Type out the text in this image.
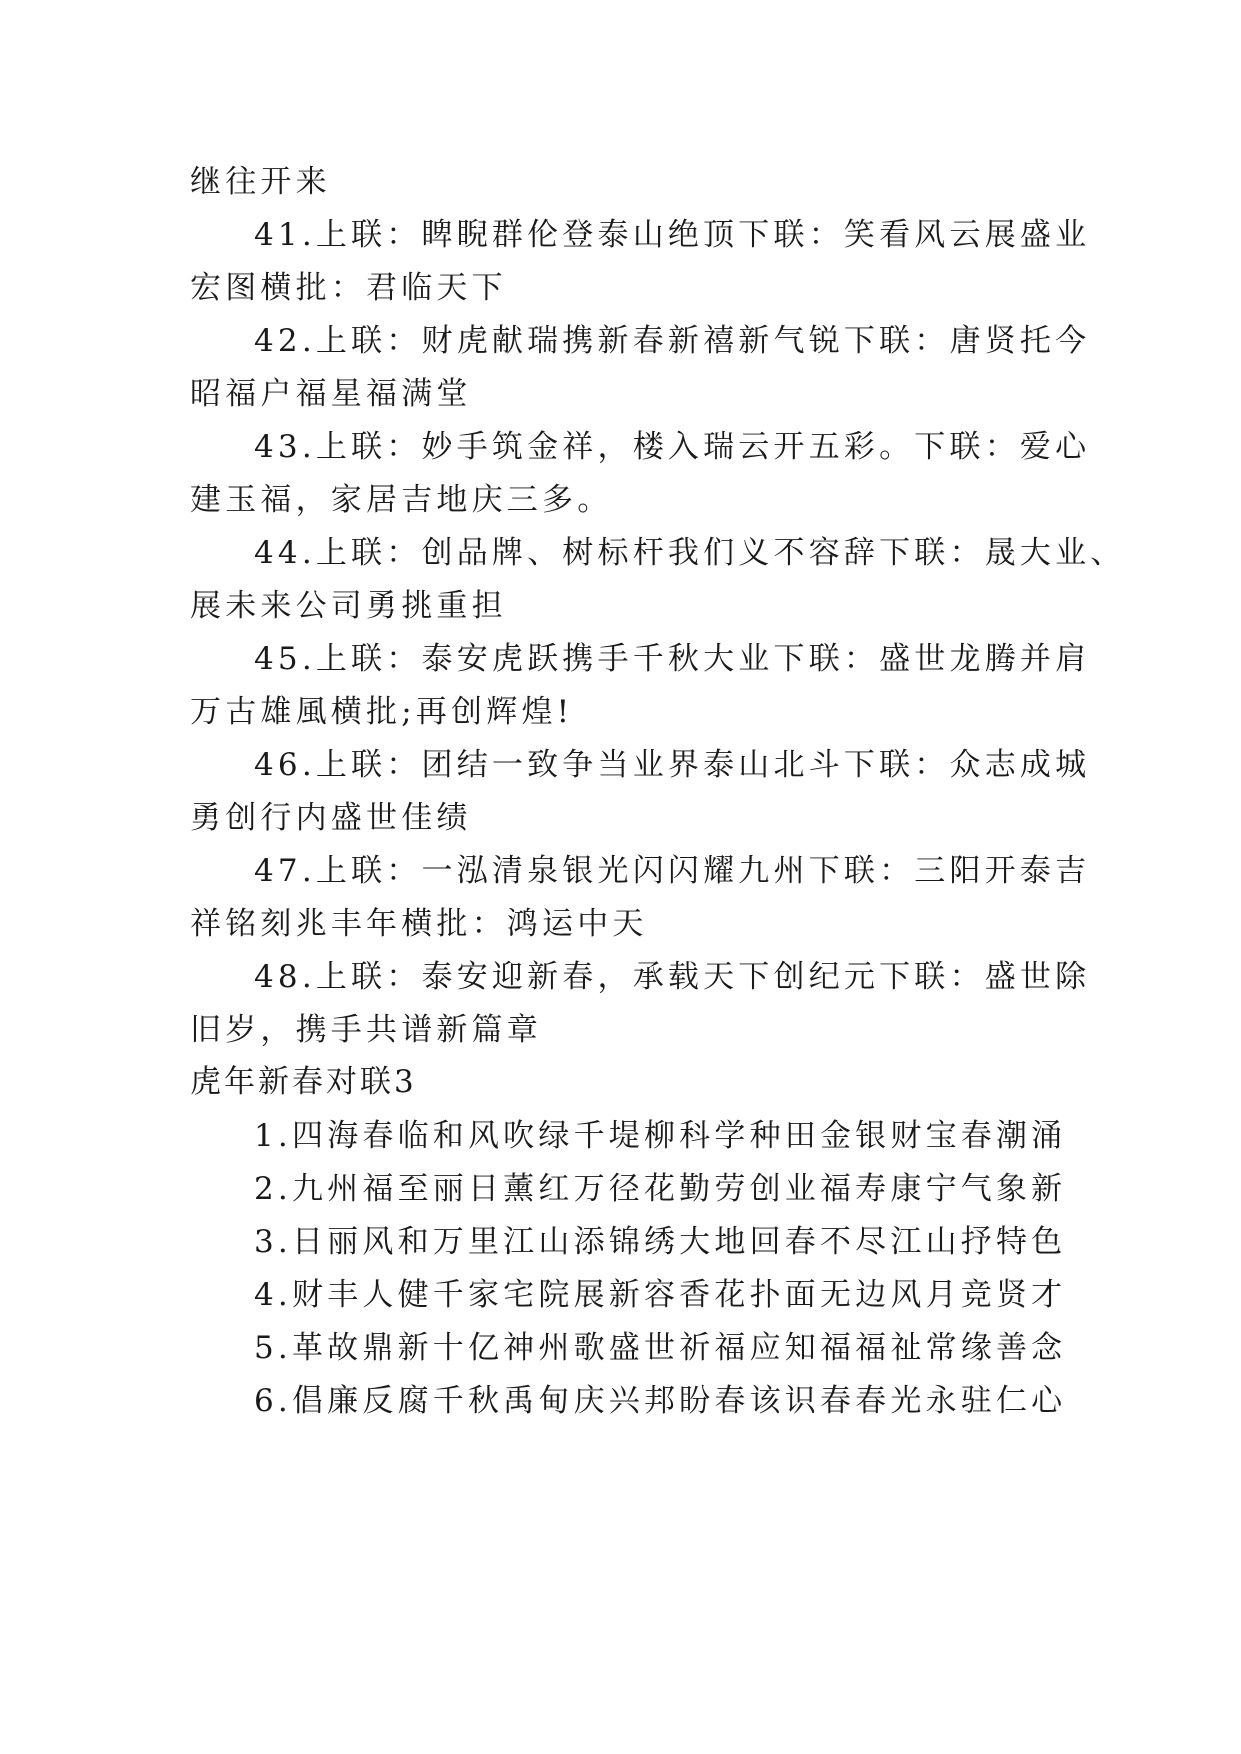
继往开来
41.上联：睥睨群伦登泰山绝顶下联：笑看风云展盛业
宏图横批：君临天下
42.上联：财虎献瑞携新春新禧新气锐下联：唐贤托今
昭福户福星福满堂
43.上联：妙手筑金祥，楼入瑞云开五彩。下联：爱心
建玉福，家居吉地庆三多。
44.上联：创品牌、树标杆我们义不容辞下联：晟大业、
展未来公司勇挑重担
45.上联：泰安虎跃携手千秋大业下联：盛世龙腾并肩
万古雄風横批;再创辉煌!
46.上联：团结一致争当业界泰山北斗下联：众志成城
勇创行内盛世佳绩
47.上联：一泓清泉银光闪闪耀九州下联：三阳开泰吉
祥铭刻兆丰年横批：鸿运中天
48.上联：泰安迎新春，承载天下创纪元下联：盛世除
旧岁，携手共谱新篇章
虎年新春对联3
1.四海春临和风吹绿千堤柳科学种田金银财宝春潮涌
2.九州福至丽日薰红万径花勤劳创业福寿康宁气象新
3.日丽风和万里江山添锦绣大地回春不尽江山抒特色
4.财丰人健千家宅院展新容香花扑面无边风月竞贤才
5.革故鼎新十亿神州歌盛世祈福应知福福祉常缘善念
6.倡廉反腐千秋禹甸庆兴邦盼春该识春春光永驻仁心
